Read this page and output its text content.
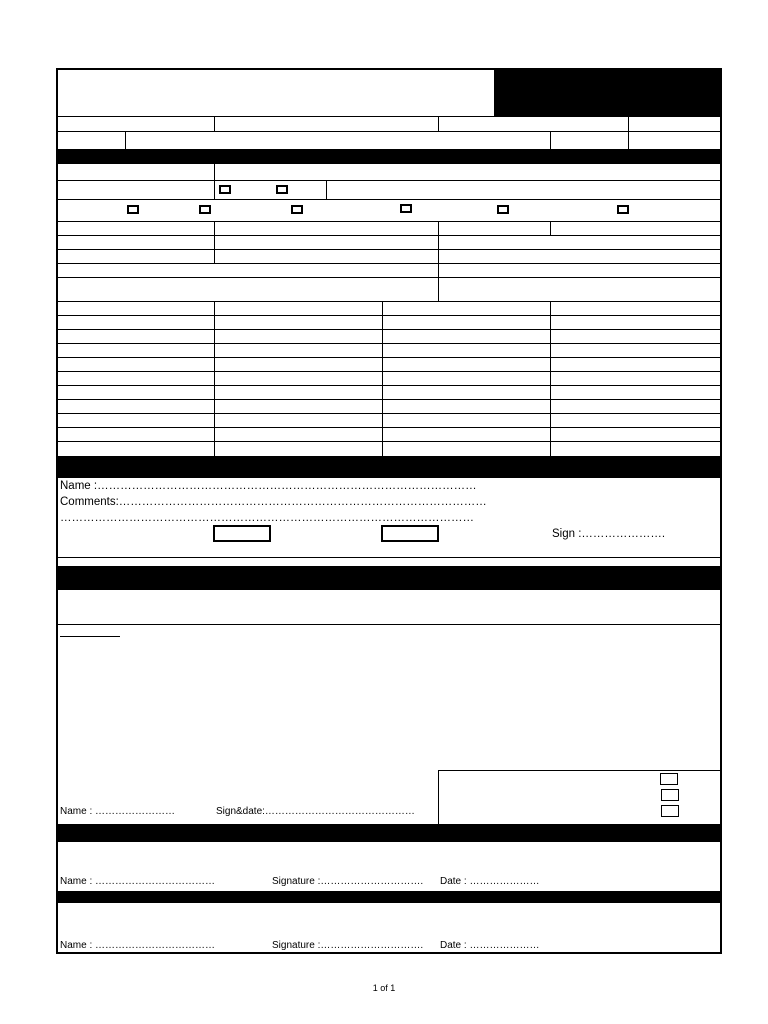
Name :………………………………………………………………………………………
Comments:……………………………………………………………………………………
………………………………………………………………………………………………
Sign :………………….
Name : ……………………	Sign&date:………………………………………
Name : ………………………………	Signature :…………………………. Date : …………………
Name : ………………………………	Signature :…………………………. Date : …………………
1 of 1
